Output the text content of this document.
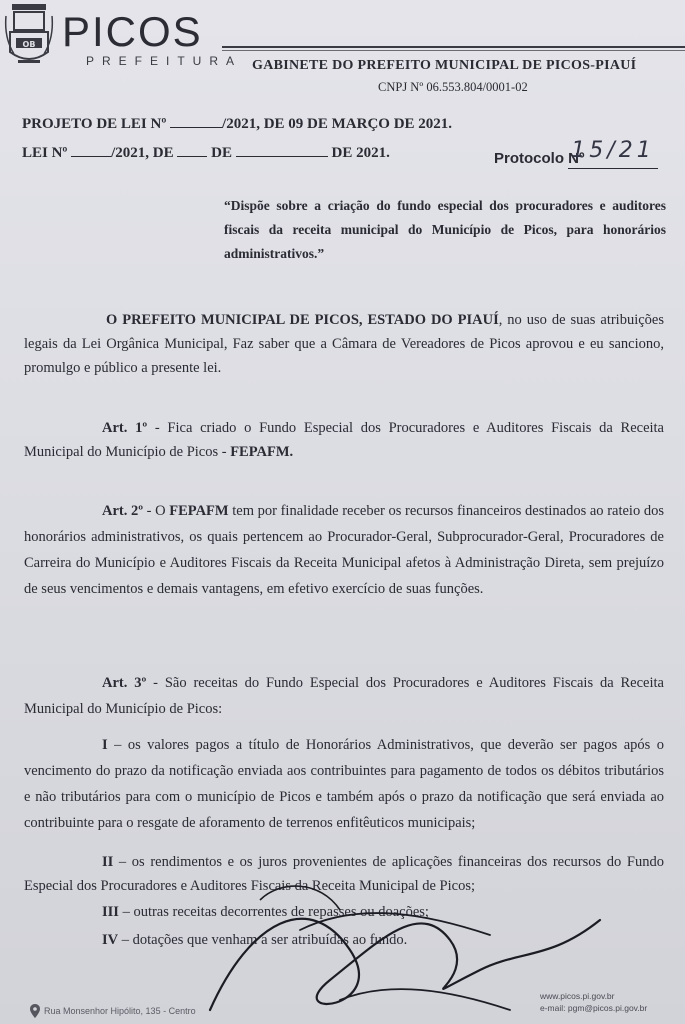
OB PICOS
PREFEITURA GABINETE DO PREFEITO MUNICIPAL DE PICOS-PIAUÍ
CNPJ Nº 06.553.804/0001-02
PROJETO DE LEI Nº	/2021, DE 09 DE MARÇO DE 2021.
LEI Nº	/2021, DE	DE	DE 2021.	Protocolo Nº
15/21
“Dispõe sobre a criação do fundo especial dos procuradores e auditores fiscais da receita municipal do Município de Picos, para honorários administrativos.”
O PREFEITO MUNICIPAL DE PICOS, ESTADO DO PIAUÍ, no uso de suas atribuições legais da Lei Orgânica Municipal, Faz saber que a Câmara de Vereadores de Picos aprovou e eu sanciono, promulgo e público a presente lei.
Art. 1º - Fica criado o Fundo Especial dos Procuradores e Auditores Fiscais da Receita Municipal do Município de Picos - FEPAFM.
Art. 2º - O FEPAFM tem por finalidade receber os recursos financeiros destinados ao rateio dos honorários administrativos, os quais pertencem ao Procurador-Geral, Subprocurador-Geral, Procuradores de Carreira do Município e Auditores Fiscais da Receita Municipal afetos à Administração Direta, sem prejuízo de seus vencimentos e demais vantagens, em efetivo exercício de suas funções.
Art. 3º - São receitas do Fundo Especial dos Procuradores e Auditores Fiscais da Receita Municipal do Município de Picos:
I – os valores pagos a título de Honorários Administrativos, que deverão ser pagos após o vencimento do prazo da notificação enviada aos contribuintes para pagamento de todos os débitos tributários e não tributários para com o município de Picos e também após o prazo da notificação que será enviada ao contribuinte para o resgate de aforamento de terrenos enfitêuticos municipais;
II – os rendimentos e os juros provenientes de aplicações financeiras dos recursos do Fundo Especial dos Procuradores e Auditores Fiscais da Receita Municipal de Picos;
III – outras receitas decorrentes de repasses ou doações;
IV – dotações que venham a ser atribuídas ao fundo.
Rua Monsenhor Hipólito, 135 - Centro
www.picos.pi.gov.br
e-mail: pgm@picos.pi.gov.br
